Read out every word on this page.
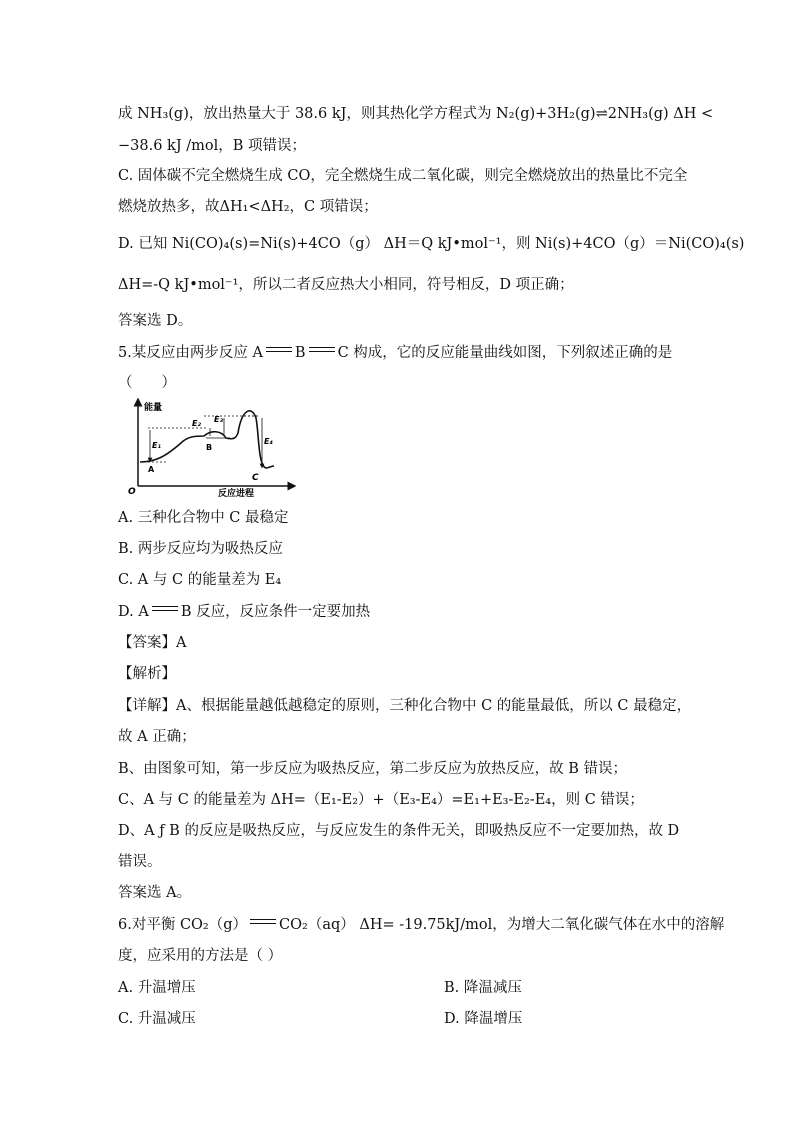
成 NH₃(g)，放出热量大于 38.6 kJ，则其热化学方程式为 N₂(g)+3H₂(g)⇌2NH₃(g) ΔH <
−38.6 kJ /mol，B 项错误；
C. 固体碳不完全燃烧生成 CO，完全燃烧生成二氧化碳，则完全燃烧放出的热量比不完全
燃烧放热多，故ΔH₁<ΔH₂，C 项错误；
D. 已知 Ni(CO)₄(s)=Ni(s)+4CO（g） ΔH＝Q kJ•mol⁻¹，则 Ni(s)+4CO（g）＝Ni(CO)₄(s)
ΔH=-Q kJ•mol⁻¹，所以二者反应热大小相同，符号相反，D 项正确；
答案选 D。
5.某反应由两步反应 A B C 构成，它的反应能量曲线如图，下列叙述正确的是
（　　）
能量
反应进程
O
E₁
E₂ E₃
E₄
A
B
C
A. 三种化合物中 C 最稳定
B. 两步反应均为吸热反应
C. A 与 C 的能量差为 E₄
D. A B 反应，反应条件一定要加热
【答案】A
【解析】
【详解】A、根据能量越低越稳定的原则，三种化合物中 C 的能量最低，所以 C 最稳定，
故 A 正确；
B、由图象可知，第一步反应为吸热反应，第二步反应为放热反应，故 B 错误；
C、A 与 C 的能量差为 ΔH=（E₁-E₂）+（E₃-E₄）=E₁+E₃-E₂-E₄，则 C 错误；
D、A ƒ B 的反应是吸热反应，与反应发生的条件无关，即吸热反应不一定要加热，故 D
错误。
答案选 A。
6.对平衡 CO₂（g） CO₂（aq） ΔH= -19.75kJ/mol，为增大二氧化碳气体在水中的溶解
度，应采用的方法是（ ）
A. 升温增压	B. 降温减压
C. 升温减压	D. 降温增压
